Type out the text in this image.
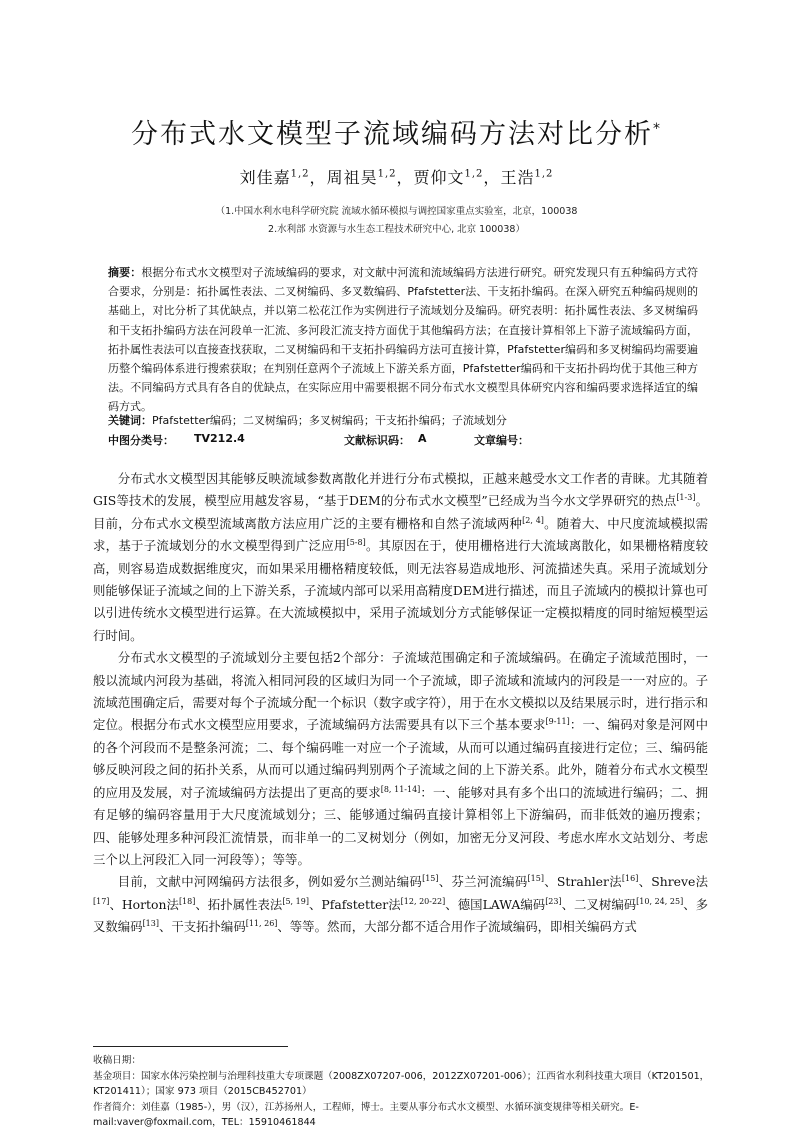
分布式水文模型子流域编码方法对比分析*
刘佳嘉$^{1,2}$，周祖昊$^{1,2}$，贾仰文$^{1,2}$，王浩$^{1,2}$
（1.中国水利水电科学研究院 流域水循环模拟与调控国家重点实验室，北京，100038
2.水利部 水资源与水生态工程技术研究中心, 北京 100038）
摘要：根据分布式水文模型对子流域编码的要求，对文献中河流和流域编码方法进行研究。研究发现只有五种编码方式符合要求，分别是：拓扑属性表法、二叉树编码、多叉数编码、Pfafstetter法、干支拓扑编码。在深入研究五种编码规则的基础上，对比分析了其优缺点，并以第二松花江作为实例进行子流域划分及编码。研究表明：拓扑属性表法、多叉树编码和干支拓扑编码方法在河段单一汇流、多河段汇流支持方面优于其他编码方法；在直接计算相邻上下游子流域编码方面，拓扑属性表法可以直接查找获取，二叉树编码和干支拓扑码编码方法可直接计算，Pfafstetter编码和多叉树编码均需要遍历整个编码体系进行搜索获取；在判别任意两个子流域上下游关系方面，Pfafstetter编码和干支拓扑码均优于其他三种方法。不同编码方式具有各自的优缺点，在实际应用中需要根据不同分布式水文模型具体研究内容和编码要求选择适宜的编码方式。
关键词：Pfafstetter编码；二叉树编码；多叉树编码；干支拓扑编码；子流域划分
中图分类号： TV212.4	文献标识码： A	文章编号：

分布式水文模型因其能够反映流域参数离散化并进行分布式模拟，正越来越受水文工作者的青睐。尤其随着GIS等技术的发展，模型应用越发容易，“基于DEM的分布式水文模型”已经成为当今水文学界研究的热点[1-3]。目前，分布式水文模型流域离散方法应用广泛的主要有栅格和自然子流域两种[2, 4]。随着大、中尺度流域模拟需求，基于子流域划分的水文模型得到广泛应用[5-8]。其原因在于，使用栅格进行大流域离散化，如果栅格精度较高，则容易造成数据维度灾，而如果采用栅格精度较低，则无法容易造成地形、河流描述失真。采用子流域划分则能够保证子流域之间的上下游关系，子流域内部可以采用高精度DEM进行描述，而且子流域内的模拟计算也可以引进传统水文模型进行运算。在大流域模拟中，采用子流域划分方式能够保证一定模拟精度的同时缩短模型运行时间。

分布式水文模型的子流域划分主要包括2个部分：子流域范围确定和子流域编码。在确定子流域范围时，一般以流域内河段为基础，将流入相同河段的区域归为同一个子流域，即子流域和流域内的河段是一一对应的。子流域范围确定后，需要对每个子流域分配一个标识（数字或字符），用于在水文模拟以及结果展示时，进行指示和定位。根据分布式水文模型应用要求，子流域编码方法需要具有以下三个基本要求[9-11]：一、编码对象是河网中的各个河段而不是整条河流；二、每个编码唯一对应一个子流域，从而可以通过编码直接进行定位；三、编码能够反映河段之间的拓扑关系，从而可以通过编码判别两个子流域之间的上下游关系。此外，随着分布式水文模型的应用及发展，对子流域编码方法提出了更高的要求[8, 11-14]：一、能够对具有多个出口的流域进行编码；二、拥有足够的编码容量用于大尺度流域划分；三、能够通过编码直接计算相邻上下游编码，而非低效的遍历搜索；四、能够处理多种河段汇流情景，而非单一的二叉树划分（例如，加密无分叉河段、考虑水库水文站划分、考虑三个以上河段汇入同一河段等）；等等。

目前，文献中河网编码方法很多，例如爱尔兰测站编码[15]、芬兰河流编码[15]、Strahler法[16]、Shreve法[17]、Horton法[18]、拓扑属性表法[5, 19]、Pfafstetter法[12, 20-22]、德国LAWA编码[23]、二叉树编码[10, 24, 25]、多叉数编码[13]、干支拓扑编码[11, 26]、等等。然而，大部分都不适合用作子流域编码，即相关编码方式

收稿日期：
基金项目：国家水体污染控制与治理科技重大专项课题（2008ZX07207-006，2012ZX07201-006）；江西省水利科技重大项目（KT201501，KT201411）；国家 973 项目（2015CB452701）
作者简介：刘佳嘉（1985-），男（汉），江苏扬州人，工程师，博士。主要从事分布式水文模型、水循环演变规律等相关研究。E-mail:vaver@foxmail.com，TEL：15910461844
